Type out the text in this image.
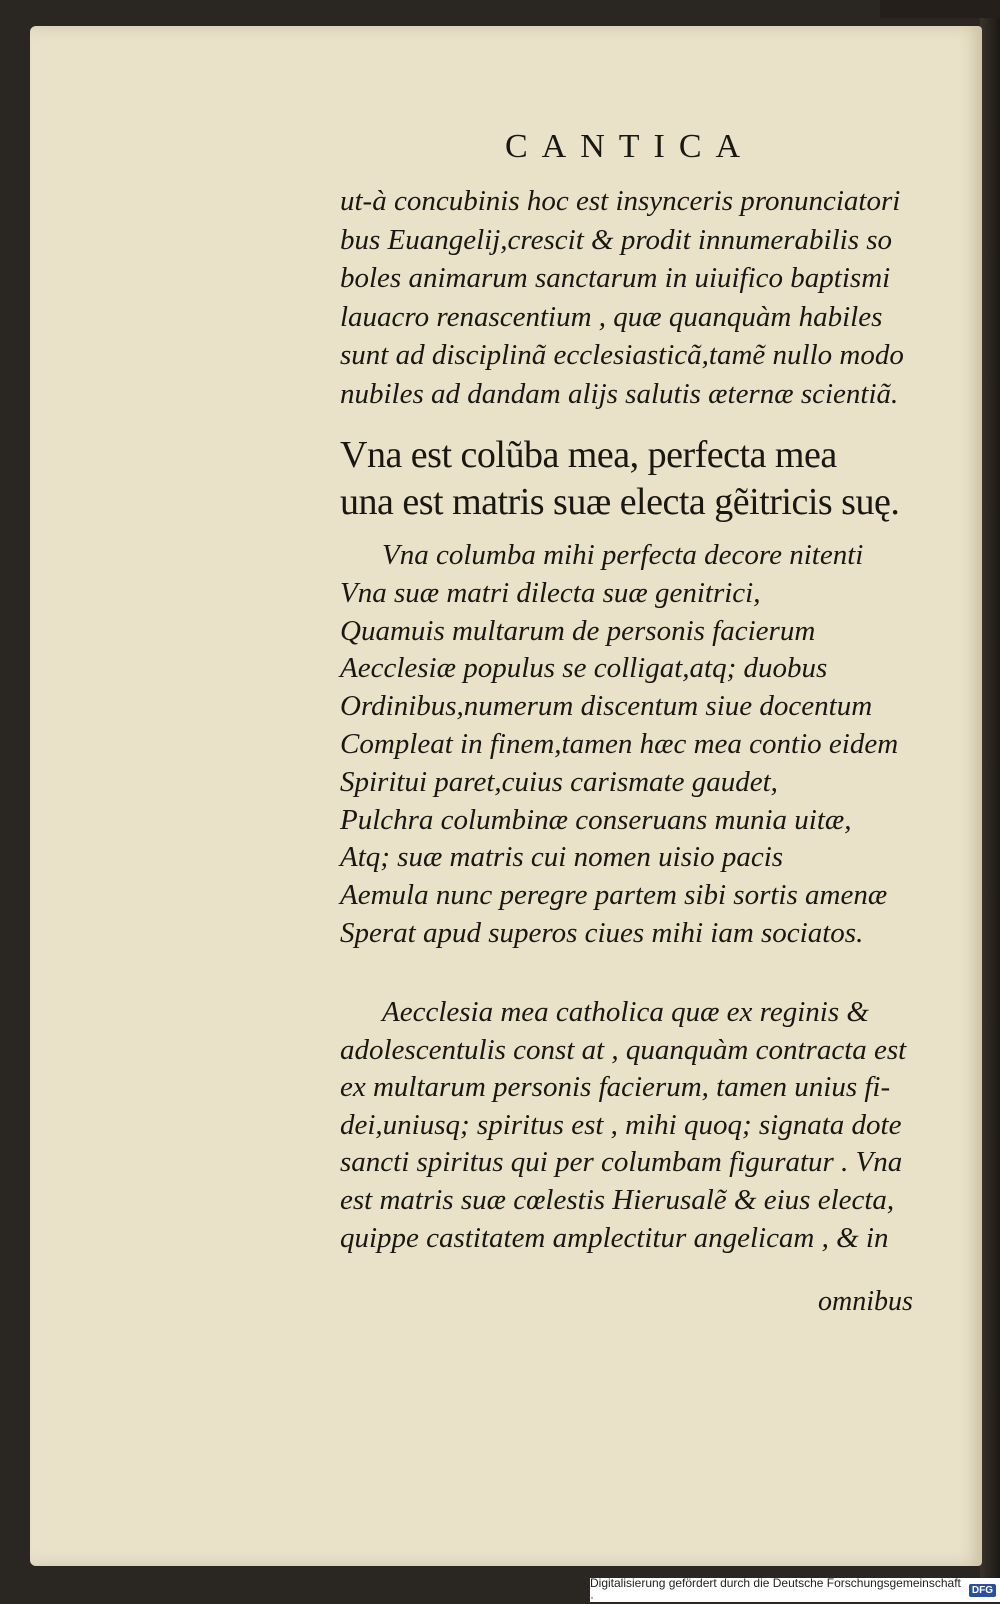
CANTICA
ut-à concubinis hoc est insynceris pronunciatori
bus Euangelij,crescit & prodit innumerabilis so
boles animarum sanctarum in uiuifico baptismi
lauacro renascentium , quæ quanquàm habiles
sunt ad disciplinã ecclesiasticã,tamẽ nullo modo
nubiles ad dandam alijs salutis æternæ scientiã.
Vna est colũba mea, perfecta mea
una est matris suæ electa gẽitricis suę.
Vna columba mihi perfecta decore nitenti
Vna suæ matri dilecta suæ genitrici,
Quamuis multarum de personis facierum
Aecclesiæ populus se colligat,atq; duobus
Ordinibus,numerum discentum siue docentum
Compleat in finem,tamen hæc mea contio eidem
Spiritui paret,cuius carismate gaudet,
Pulchra columbinæ conseruans munia uitæ,
Atq; suæ matris cui nomen uisio pacis
Aemula nunc peregre partem sibi sortis amenæ
Sperat apud superos ciues mihi iam sociatos.
Aecclesia mea catholica quæ ex reginis &
adolescentulis const at , quanquàm contracta est
ex multarum personis facierum, tamen unius fi-
dei,uniusq; spiritus est , mihi quoq; signata dote
sancti spiritus qui per columbam figuratur . Vna
est matris suæ cœlestis Hierusalẽ & eius electa,
quippe castitatem amplectitur angelicam , & in
omnibus
Digitalisierung gefördert durch die Deutsche Forschungsgemeinschaft ·	DFG
